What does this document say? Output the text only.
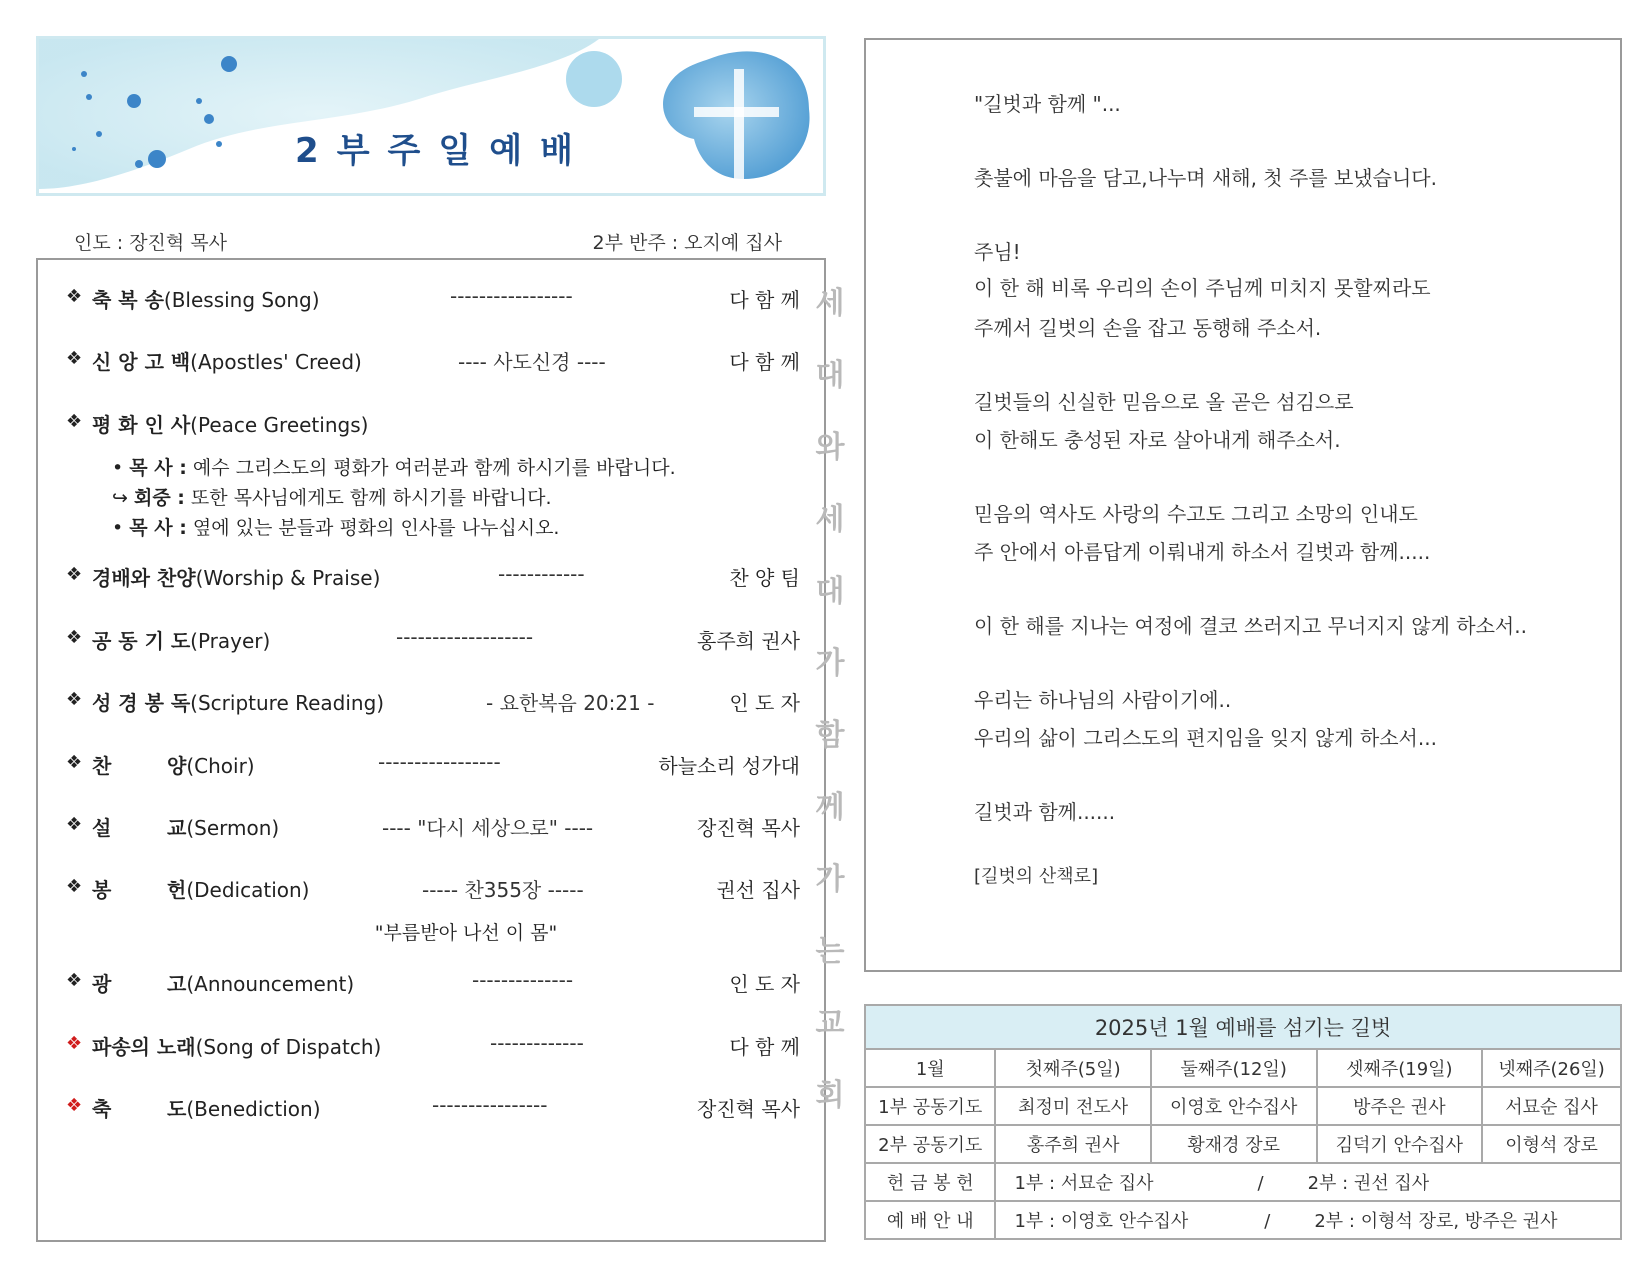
2부주일예배
인도 : 장진혁 목사	2부 반주 : 오지예 집사
❖ 축 복 송(Blessing Song)	-----------------	다 함 께
❖ 신 앙 고 백(Apostles' Creed)	---- 사도신경 ----	다 함 께
❖ 평 화 인 사(Peace Greetings)
• 목 사 : 예수 그리스도의 평화가 여러분과 함께 하시기를 바랍니다.
↪ 회중 : 또한 목사님에게도 함께 하시기를 바랍니다.
• 목 사 : 옆에 있는 분들과 평화의 인사를 나누십시오.
❖ 경배와 찬양(Worship & Praise)	------------	찬 양 팀
❖ 공 동 기 도(Prayer)	-------------------	홍주희 권사
❖ 성 경 봉 독(Scripture Reading)	- 요한복음 20:21 -	인 도 자
❖ 찬        양(Choir)	-----------------	하늘소리 성가대
❖ 설        교(Sermon)	---- "다시 세상으로" ----	장진혁 목사
❖ 봉        헌(Dedication)	----- 찬355장 -----	권선 집사
"부름받아 나선 이 몸"
❖ 광        고(Announcement)	--------------	인 도 자
❖ 파송의 노래(Song of Dispatch)	-------------	다 함 께
❖ 축        도(Benediction)	----------------	장진혁 목사
세
대
와
세
대
가
함
께
가
는
교
회
"길벗과 함께 "...
촛불에 마음을 담고,나누며 새해, 첫 주를 보냈습니다.
주님!
이 한 해 비록 우리의 손이 주님께 미치지 못할찌라도
주께서 길벗의 손을 잡고 동행해 주소서.
길벗들의 신실한 믿음으로 올 곧은 섬김으로
이 한해도 충성된 자로 살아내게 해주소서.
믿음의 역사도 사랑의 수고도 그리고 소망의 인내도
주 안에서 아름답게 이뤄내게 하소서 길벗과 함께.....
이 한 해를 지나는 여정에 결코 쓰러지고 무너지지 않게 하소서..
우리는 하나님의 사람이기에..
우리의 삶이 그리스도의 편지임을 잊지 않게 하소서...
길벗과 함께......
[길벗의 산책로]
2025년 1월 예배를 섬기는 길벗				
1월	첫째주(5일)	둘째주(12일)	셋째주(19일)	넷째주(26일)
1부 공동기도	최정미 전도사	이영호 안수집사	방주은 권사	서묘순 집사
2부 공동기도	홍주희 권사	황재경 장로	김덕기 안수집사	이형석 장로
헌 금 봉 헌	1부 : 서묘순 집사 / 2부 : 권선 집사			
예 배 안 내	1부 : 이영호 안수집사 / 2부 : 이형석 장로, 방주은 권사			
